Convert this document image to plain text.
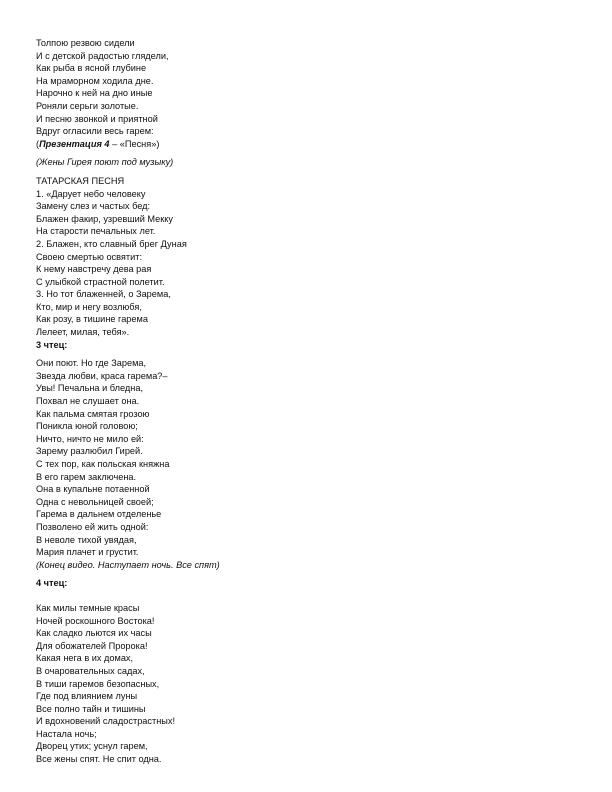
Толпою резвою сидели
И с детской радостью глядели,
Как рыба в ясной глубине
На мраморном ходила дне.
Нарочно к ней на дно иные
Роняли серьги золотые.
И песню звонкой и приятной
Вдруг огласили весь гарем:
(Презентация 4 – «Песня»)
(Жены Гирея поют под музыку)
ТАТАРСКАЯ ПЕСНЯ
1. «Дарует небо человеку
Замену слез и частых бед:
Блажен факир, узревший Мекку
На старости печальных лет.
2. Блажен, кто славный брег Дуная
Своею смертью освятит:
К нему навстречу дева рая
С улыбкой страстной полетит.
3. Но тот блаженней, о Зарема,
Кто, мир и негу возлюбя,
Как розу, в тишине гарема
Лелеет, милая, тебя».
3 чтец:
Они поют. Но где Зарема,
Звезда любви, краса гарема?–
Увы! Печальна и бледна,
Похвал не слушает она.
Как пальма смятая грозою
Поникла юной головою;
Ничто, ничто не мило ей:
Зарему разлюбил Гирей.
С тех пор, как польская княжна
В его гарем заключена.
Она в купальне потаенной
Одна с невольницей своей;
Гарема в дальнем отделенье
Позволено ей жить одной:
В неволе тихой увядая,
Мария плачет и грустит.
(Конец видео. Наступает ночь. Все спят)
4 чтец:
Как милы темные красы
Ночей роскошного Востока!
Как сладко льются их часы
Для обожателей Пророка!
Какая нега в их домах,
В очаровательных садах,
В тиши гаремов безопасных,
Где под влиянием луны
Все полно тайн и тишины
И вдохновений сладострастных!
Настала ночь;
Дворец утих; уснул гарем,
Все жены спят. Не спит одна.
